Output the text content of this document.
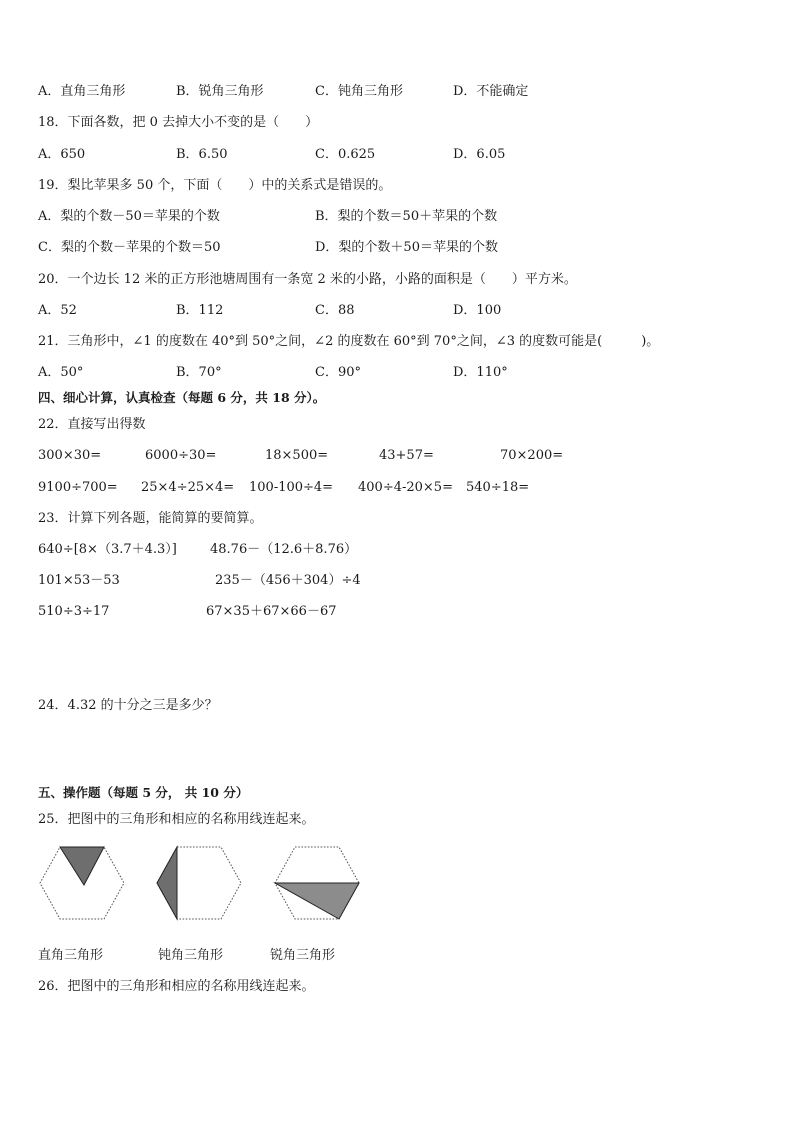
A．直角三角形	B．锐角三角形	C．钝角三角形	D．不能确定
18．下面各数，把 0 去掉大小不变的是（　　）
A．650	B．6.50	C．0.625	D．6.05
19．梨比苹果多 50 个，下面（　　）中的关系式是错误的。
A．梨的个数－50＝苹果的个数	B．梨的个数＝50＋苹果的个数
C．梨的个数－苹果的个数＝50	D．梨的个数＋50＝苹果的个数
20．一个边长 12 米的正方形池塘周围有一条宽 2 米的小路，小路的面积是（　　）平方米。
A．52	B．112	C．88	D．100
21．三角形中，∠1 的度数在 40°到 50°之间，∠2 的度数在 60°到 70°之间，∠3 的度数可能是(　　　)。
A．50°	B．70°	C．90°	D．110°
四、细心计算，认真检查（每题 6 分，共 18 分）。
22．直接写出得数
300×30=	6000÷30=	18×500=	43+57=	70×200=
9100÷700= 25×4÷25×4= 100-100÷4= 400÷4-20×5= 540÷18=
23．计算下列各题，能简算的要简算。
640÷[8×（3.7＋4.3）]	48.76－（12.6＋8.76）
101×53－53	235－（456＋304）÷4
510÷3÷17	67×35＋67×66－67
24．4.32 的十分之三是多少？
五、操作题（每题 5 分， 共 10 分）
25．把图中的三角形和相应的名称用线连起来。
直角三角形	钝角三角形	锐角三角形
26．把图中的三角形和相应的名称用线连起来。
